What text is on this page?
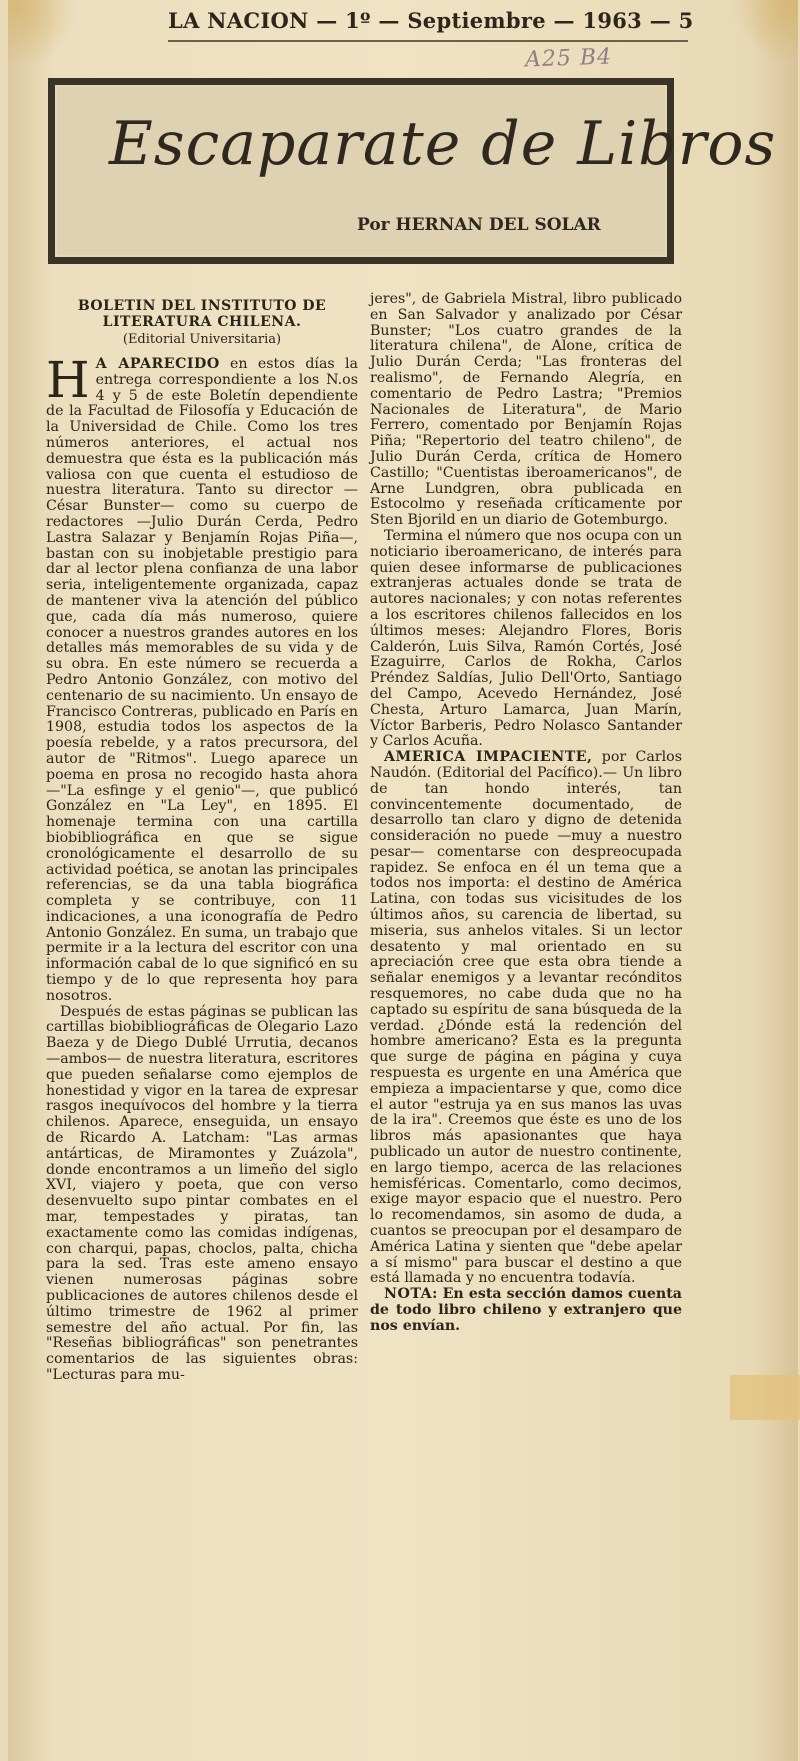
LA NACION — 1º — Septiembre — 1963 — 5
A25 B4
Escaparate de Libros
Por HERNAN DEL SOLAR
BOLETIN DEL INSTITUTO DE LITERATURA CHILENA.
(Editorial Universitaria)

H A APARECIDO en estos días la entrega correspondiente a los N.os 4 y 5 de este Boletín dependiente de la Facultad de Filosofía y Educación de la Universidad de Chile. Como los tres números anteriores, el actual nos demuestra que ésta es la publicación más valiosa con que cuenta el estudioso de nuestra literatura. Tanto su director —César Bunster— como su cuerpo de redactores —Julio Durán Cerda, Pedro Lastra Salazar y Benjamín Rojas Piña—, bastan con su inobjetable prestigio para dar al lector plena confianza de una labor seria, inteligentemente organizada, capaz de mantener viva la atención del público que, cada día más numeroso, quiere conocer a nuestros grandes autores en los detalles más memorables de su vida y de su obra. En este número se recuerda a Pedro Antonio González, con motivo del centenario de su nacimiento. Un ensayo de Francisco Contreras, publicado en París en 1908, estudia todos los aspectos de la poesía rebelde, y a ratos precursora, del autor de "Ritmos". Luego aparece un poema en prosa no recogido hasta ahora —"La esfinge y el genio"—, que publicó González en "La Ley", en 1895. El homenaje termina con una cartilla biobibliográfica en que se sigue cronológicamente el desarrollo de su actividad poética, se anotan las principales referencias, se da una tabla biográfica completa y se contribuye, con 11 indicaciones, a una iconografía de Pedro Antonio González. En suma, un trabajo que permite ir a la lectura del escritor con una información cabal de lo que significó en su tiempo y de lo que representa hoy para nosotros.

Después de estas páginas se publican las cartillas biobibliográficas de Olegario Lazo Baeza y de Diego Dublé Urrutia, decanos —ambos— de nuestra literatura, escritores que pueden señalarse como ejemplos de honestidad y vigor en la tarea de expresar rasgos inequívocos del hombre y la tierra chilenos. Aparece, enseguida, un ensayo de Ricardo A. Latcham: "Las armas antárticas, de Miramontes y Zuázola", donde encontramos a un limeño del siglo XVI, viajero y poeta, que con verso desenvuelto supo pintar combates en el mar, tempestades y piratas, tan exactamente como las comidas indígenas, con charqui, papas, choclos, palta, chicha para la sed. Tras este ameno ensayo vienen numerosas páginas sobre publicaciones de autores chilenos desde el último trimestre de 1962 al primer semestre del año actual. Por fin, las "Reseñas bibliográficas" son penetrantes comentarios de las siguientes obras: "Lecturas para mu-

jeres", de Gabriela Mistral, libro publicado en San Salvador y analizado por César Bunster; "Los cuatro grandes de la literatura chilena", de Alone, crítica de Julio Durán Cerda; "Las fronteras del realismo", de Fernando Alegría, en comentario de Pedro Lastra; "Premios Nacionales de Literatura", de Mario Ferrero, comentado por Benjamín Rojas Piña; "Repertorio del teatro chileno", de Julio Durán Cerda, crítica de Homero Castillo; "Cuentistas iberoamericanos", de Arne Lundgren, obra publicada en Estocolmo y reseñada críticamente por Sten Bjorild en un diario de Gotemburgo.

Termina el número que nos ocupa con un noticiario iberoamericano, de interés para quien desee informarse de publicaciones extranjeras actuales donde se trata de autores nacionales; y con notas referentes a los escritores chilenos fallecidos en los últimos meses: Alejandro Flores, Boris Calderón, Luis Silva, Ramón Cortés, José Ezaguirre, Carlos de Rokha, Carlos Préndez Saldías, Julio Dell'Orto, Santiago del Campo, Acevedo Hernández, José Chesta, Arturo Lamarca, Juan Marín, Víctor Barberis, Pedro Nolasco Santander y Carlos Acuña.

AMERICA IMPACIENTE, por Carlos Naudón. (Editorial del Pacífico).— Un libro de tan hondo interés, tan convincentemente documentado, de desarrollo tan claro y digno de detenida consideración no puede —muy a nuestro pesar— comentarse con despreocupada rapidez. Se enfoca en él un tema que a todos nos importa: el destino de América Latina, con todas sus vicisitudes de los últimos años, su carencia de libertad, su miseria, sus anhelos vitales. Si un lector desatento y mal orientado en su apreciación cree que esta obra tiende a señalar enemigos y a levantar recónditos resquemores, no cabe duda que no ha captado su espíritu de sana búsqueda de la verdad. ¿Dónde está la redención del hombre americano? Esta es la pregunta que surge de página en página y cuya respuesta es urgente en una América que empieza a impacientarse y que, como dice el autor "estruja ya en sus manos las uvas de la ira". Creemos que éste es uno de los libros más apasionantes que haya publicado un autor de nuestro continente, en largo tiempo, acerca de las relaciones hemisféricas. Comentarlo, como decimos, exige mayor espacio que el nuestro. Pero lo recomendamos, sin asomo de duda, a cuantos se preocupan por el desamparo de América Latina y sienten que "debe apelar a sí mismo" para buscar el destino a que está llamada y no encuentra todavía.

NOTA: En esta sección damos cuenta de todo libro chileno y extranjero que nos envían.
